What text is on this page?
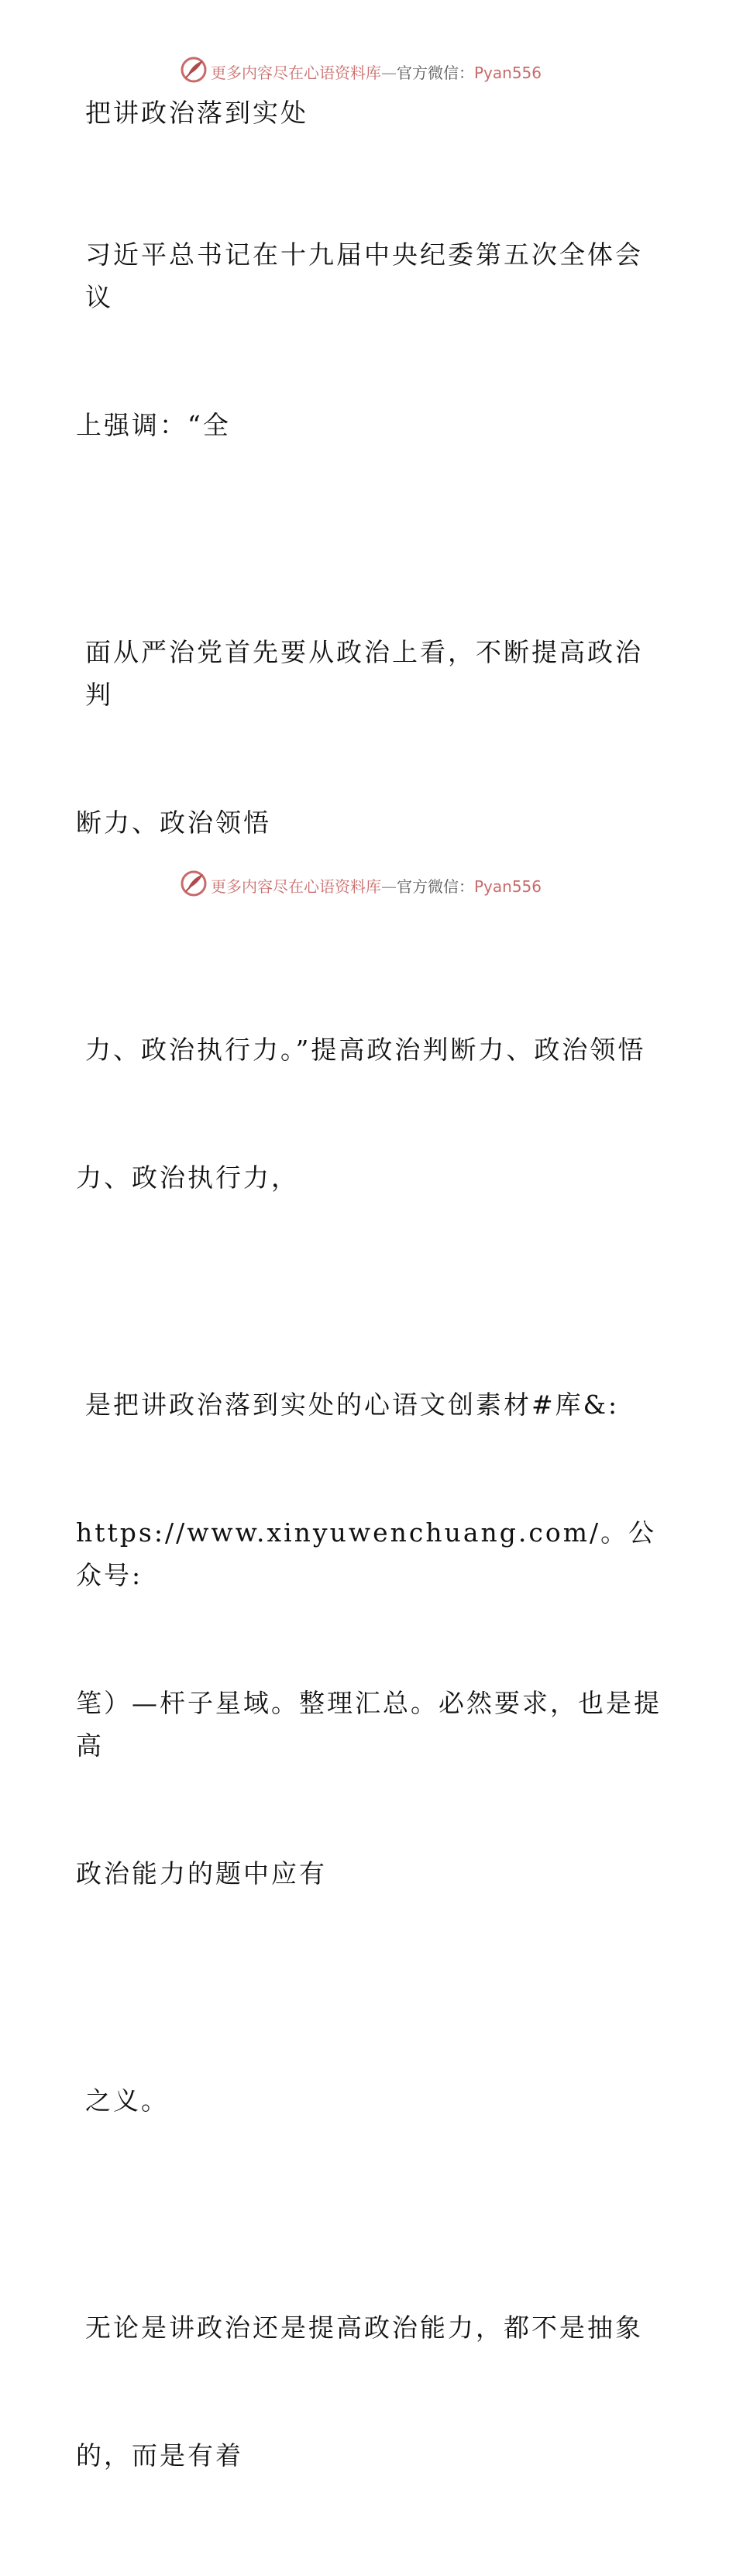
更多内容尽在心语资料库—官方微信：Pyan556
把讲政治落到实处

习近平总书记在十九届中央纪委第五次全体会议

上强调：“全

面从严治党首先要从政治上看，不断提高政治判

断力、政治领悟

力、政治执行力。”提高政治判断力、政治领悟

力、政治执行力，

是把讲政治落到实处的心语文创素材#库&:

https://www.xinyuwenchuang.com/。公众号:

笔）—杆子星域。整理汇总。必然要求，也是提高

政治能力的题中应有

之义。

无论是讲政治还是提高政治能力，都不是抽象

的，而是有着

更多内容尽在心语资料库—官方微信：Pyan556
